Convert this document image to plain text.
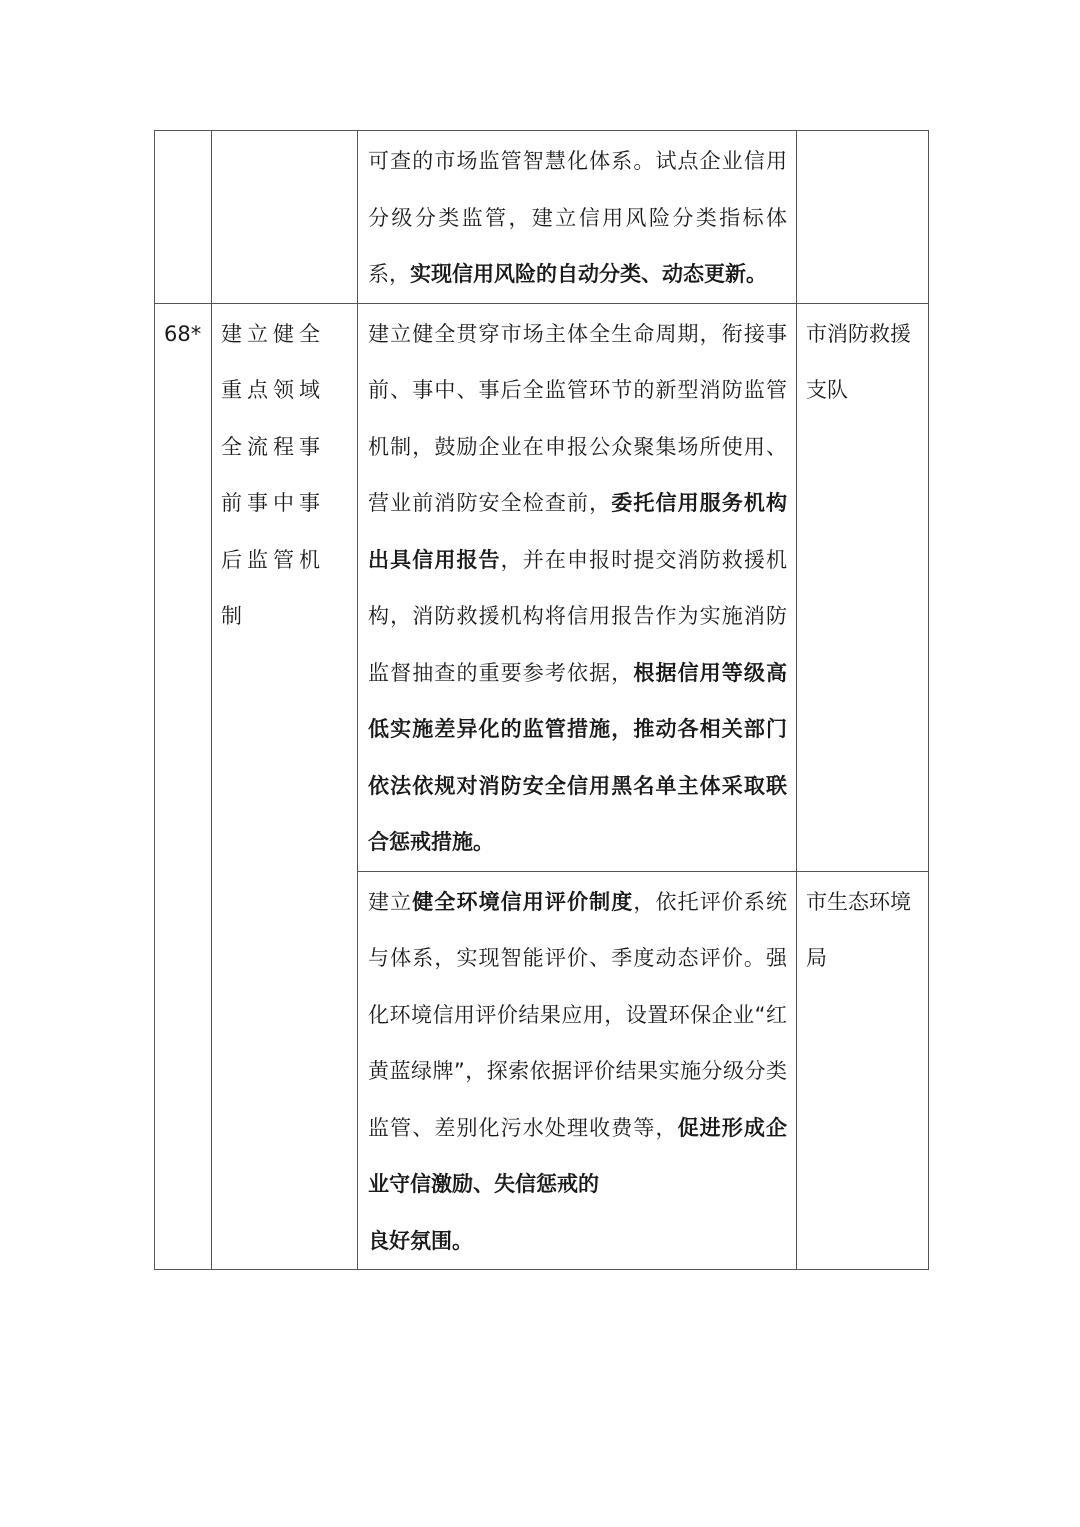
		可查的市场监管智慧化体系。试点企业信用分级分类监管，建立信用风险分类指标体系，实现信用风险的自动分类、动态更新。	

68*	建立健全重点领域全流程事前事中事后监管机制	建立健全贯穿市场主体全生命周期，衔接事前、事中、事后全监管环节的新型消防监管机制，鼓励企业在申报公众聚集场所使用、营业前消防安全检查前，委托信用服务机构出具信用报告，并在申报时提交消防救援机构，消防救援机构将信用报告作为实施消防监督抽查的重要参考依据，根据信用等级高低实施差异化的监管措施，推动各相关部门依法依规对消防安全信用黑名单主体采取联合惩戒措施。	市消防救援支队

		建立健全环境信用评价制度，依托评价系统与体系，实现智能评价、季度动态评价。强化环境信用评价结果应用，设置环保企业“红黄蓝绿牌”，探索依据评价结果实施分级分类监管、差别化污水处理收费等，促进形成企业守信激励、失信惩戒的
良好氛围。	市生态环境局
